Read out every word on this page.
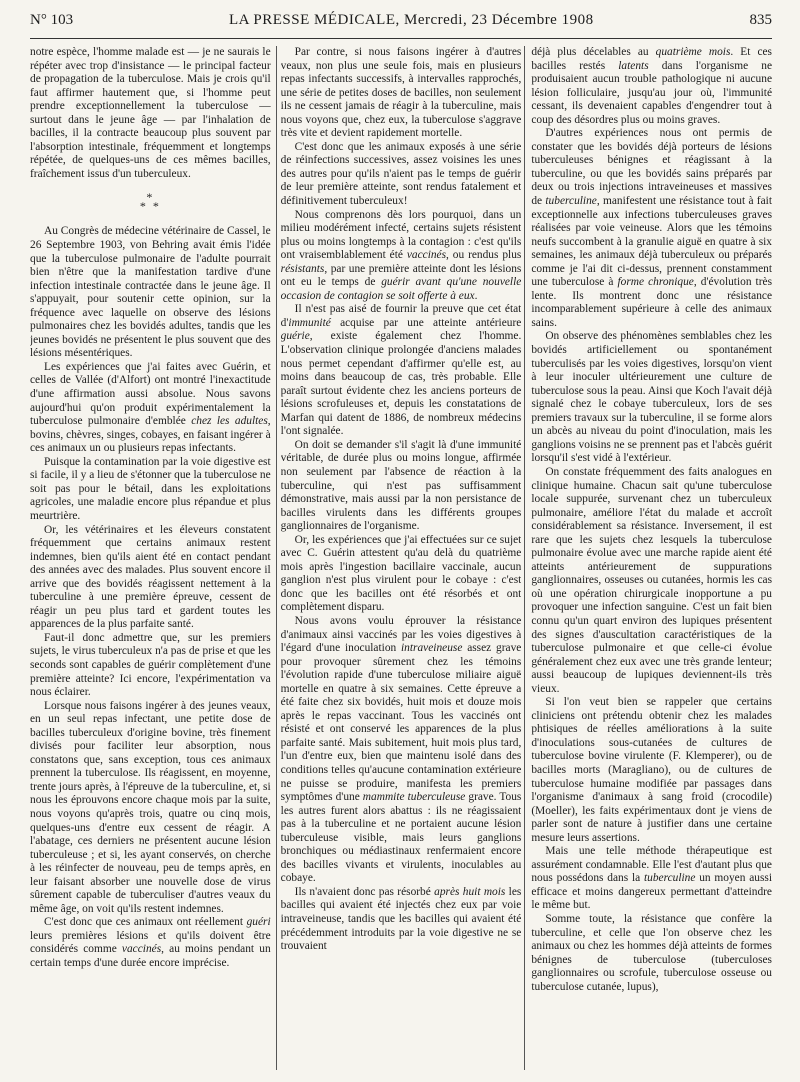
N° 103	LA PRESSE MÉDICALE, Mercredi, 23 Décembre 1908	835

notre espèce, l'homme malade est — je ne saurais le répéter avec trop d'insistance — le principal facteur de propagation de la tuberculose. Mais je crois qu'il faut affirmer hautement que, si l'homme peut prendre exceptionnellement la tuberculose — surtout dans le jeune âge — par l'inhalation de bacilles, il la contracte beaucoup plus souvent par l'absorption intestinale, fréquemment et longtemps répétée, de quelques-uns de ces mêmes bacilles, fraîchement issus d'un tuberculeux.

*
* *

Au Congrès de médecine vétérinaire de Cassel, le 26 Septembre 1903, von Behring avait émis l'idée que la tuberculose pulmonaire de l'adulte pourrait bien n'être que la manifestation tardive d'une infection intestinale contractée dans le jeune âge. Il s'appuyait, pour soutenir cette opinion, sur la fréquence avec laquelle on observe des lésions pulmonaires chez les bovidés adultes, tandis que les jeunes bovidés ne présentent le plus souvent que des lésions mésentériques.

Les expériences que j'ai faites avec Guérin, et celles de Vallée (d'Alfort) ont montré l'inexactitude d'une affirmation aussi absolue. Nous savons aujourd'hui qu'on produit expérimentalement la tuberculose pulmonaire d'emblée chez les adultes, bovins, chèvres, singes, cobayes, en faisant ingérer à ces animaux un ou plusieurs repas infectants.

Puisque la contamination par la voie digestive est si facile, il y a lieu de s'étonner que la tuberculose ne soit pas pour le bétail, dans les exploitations agricoles, une maladie encore plus répandue et plus meurtrière.

Or, les vétérinaires et les éleveurs constatent fréquemment que certains animaux restent indemnes, bien qu'ils aient été en contact pendant des années avec des malades. Plus souvent encore il arrive que des bovidés réagissent nettement à la tuberculine à une première épreuve, cessent de réagir un peu plus tard et gardent toutes les apparences de la plus parfaite santé.

Faut-il donc admettre que, sur les premiers sujets, le virus tuberculeux n'a pas de prise et que les seconds sont capables de guérir complètement d'une première atteinte? Ici encore, l'expérimentation va nous éclairer.

Lorsque nous faisons ingérer à des jeunes veaux, en un seul repas infectant, une petite dose de bacilles tuberculeux d'origine bovine, très finement divisés pour faciliter leur absorption, nous constatons que, sans exception, tous ces animaux prennent la tuberculose. Ils réagissent, en moyenne, trente jours après, à l'épreuve de la tuberculine, et, si nous les éprouvons encore chaque mois par la suite, nous voyons qu'après trois, quatre ou cinq mois, quelques-uns d'entre eux cessent de réagir. A l'abatage, ces derniers ne présentent aucune lésion tuberculeuse ; et si, les ayant conservés, on cherche à les réinfecter de nouveau, peu de temps après, en leur faisant absorber une nouvelle dose de virus sûrement capable de tuberculiser d'autres veaux du même âge, on voit qu'ils restent indemnes.

C'est donc que ces animaux ont réellement guéri leurs premières lésions et qu'ils doivent être considérés comme vaccinés, au moins pendant un certain temps d'une durée encore imprécise.

Par contre, si nous faisons ingérer à d'autres veaux, non plus une seule fois, mais en plusieurs repas infectants successifs, à intervalles rapprochés, une série de petites doses de bacilles, non seulement ils ne cessent jamais de réagir à la tuberculine, mais nous voyons que, chez eux, la tuberculose s'aggrave très vite et devient rapidement mortelle.

C'est donc que les animaux exposés à une série de réinfections successives, assez voisines les unes des autres pour qu'ils n'aient pas le temps de guérir de leur première atteinte, sont rendus fatalement et définitivement tuberculeux!

Nous comprenons dès lors pourquoi, dans un milieu modérément infecté, certains sujets résistent plus ou moins longtemps à la contagion : c'est qu'ils ont vraisemblablement été vaccinés, ou rendus plus résistants, par une première atteinte dont les lésions ont eu le temps de guérir avant qu'une nouvelle occasion de contagion se soit offerte à eux.

Il n'est pas aisé de fournir la preuve que cet état d'immunité acquise par une atteinte antérieure guérie, existe également chez l'homme. L'observation clinique prolongée d'anciens malades nous permet cependant d'affirmer qu'elle est, au moins dans beaucoup de cas, très probable. Elle paraît surtout évidente chez les anciens porteurs de lésions scrofuleuses et, depuis les constatations de Marfan qui datent de 1886, de nombreux médecins l'ont signalée.

On doit se demander s'il s'agit là d'une immunité véritable, de durée plus ou moins longue, affirmée non seulement par l'absence de réaction à la tuberculine, qui n'est pas suffisamment démonstrative, mais aussi par la non persistance de bacilles virulents dans les différents groupes ganglionnaires de l'organisme.

Or, les expériences que j'ai effectuées sur ce sujet avec C. Guérin attestent qu'au delà du quatrième mois après l'ingestion bacillaire vaccinale, aucun ganglion n'est plus virulent pour le cobaye : c'est donc que les bacilles ont été résorbés et ont complètement disparu.

Nous avons voulu éprouver la résistance d'animaux ainsi vaccinés par les voies digestives à l'égard d'une inoculation intraveineuse assez grave pour provoquer sûrement chez les témoins l'évolution rapide d'une tuberculose miliaire aiguë mortelle en quatre à six semaines. Cette épreuve a été faite chez six bovidés, huit mois et douze mois après le repas vaccinant. Tous les vaccinés ont résisté et ont conservé les apparences de la plus parfaite santé. Mais subitement, huit mois plus tard, l'un d'entre eux, bien que maintenu isolé dans des conditions telles qu'aucune contamination extérieure ne puisse se produire, manifesta les premiers symptômes d'une mammite tuberculeuse grave. Tous les autres furent alors abattus : ils ne réagissaient pas à la tuberculine et ne portaient aucune lésion tuberculeuse visible, mais leurs ganglions bronchiques ou médiastinaux renfermaient encore des bacilles vivants et virulents, inoculables au cobaye.

Ils n'avaient donc pas résorbé après huit mois les bacilles qui avaient été injectés chez eux par voie intraveineuse, tandis que les bacilles qui avaient été précédemment introduits par la voie digestive ne se trouvaient

déjà plus décelables au quatrième mois. Et ces bacilles restés latents dans l'organisme ne produisaient aucun trouble pathologique ni aucune lésion folliculaire, jusqu'au jour où, l'immunité cessant, ils devenaient capables d'engendrer tout à coup des désordres plus ou moins graves.

D'autres expériences nous ont permis de constater que les bovidés déjà porteurs de lésions tuberculeuses bénignes et réagissant à la tuberculine, ou que les bovidés sains préparés par deux ou trois injections intraveineuses et massives de tuberculine, manifestent une résistance tout à fait exceptionnelle aux infections tuberculeuses graves réalisées par voie veineuse. Alors que les témoins neufs succombent à la granulie aiguë en quatre à six semaines, les animaux déjà tuberculeux ou préparés comme je l'ai dit ci-dessus, prennent constamment une tuberculose à forme chronique, d'évolution très lente. Ils montrent donc une résistance incomparablement supérieure à celle des animaux sains.

On observe des phénomènes semblables chez les bovidés artificiellement ou spontanément tuberculisés par les voies digestives, lorsqu'on vient à leur inoculer ultérieurement une culture de tuberculose sous la peau. Ainsi que Koch l'avait déjà signalé chez le cobaye tuberculeux, lors de ses premiers travaux sur la tuberculine, il se forme alors un abcès au niveau du point d'inoculation, mais les ganglions voisins ne se prennent pas et l'abcès guérit lorsqu'il s'est vidé à l'extérieur.

On constate fréquemment des faits analogues en clinique humaine. Chacun sait qu'une tuberculose locale suppurée, survenant chez un tuberculeux pulmonaire, améliore l'état du malade et accroît considérablement sa résistance. Inversement, il est rare que les sujets chez lesquels la tuberculose pulmonaire évolue avec une marche rapide aient été atteints antérieurement de suppurations ganglionnaires, osseuses ou cutanées, hormis les cas où une opération chirurgicale inopportune a pu provoquer une infection sanguine. C'est un fait bien connu qu'un quart environ des lupiques présentent des signes d'auscultation caractéristiques de la tuberculose pulmonaire et que celle-ci évolue généralement chez eux avec une très grande lenteur; aussi beaucoup de lupiques deviennent-ils très vieux.

Si l'on veut bien se rappeler que certains cliniciens ont prétendu obtenir chez les malades phtisiques de réelles améliorations à la suite d'inoculations sous-cutanées de cultures de tuberculose bovine virulente (F. Klemperer), ou de bacilles morts (Maragliano), ou de cultures de tuberculose humaine modifiée par passages dans l'organisme d'animaux à sang froid (crocodile) (Moeller), les faits expérimentaux dont je viens de parler sont de nature à justifier dans une certaine mesure leurs assertions.

Mais une telle méthode thérapeutique est assurément condamnable. Elle l'est d'autant plus que nous possédons dans la tuberculine un moyen aussi efficace et moins dangereux permettant d'atteindre le même but.

Somme toute, la résistance que confère la tuberculine, et celle que l'on observe chez les animaux ou chez les hommes déjà atteints de formes bénignes de tuberculose (tuberculoses ganglionnaires ou scrofule, tuberculose osseuse ou tuberculose cutanée, lupus),
